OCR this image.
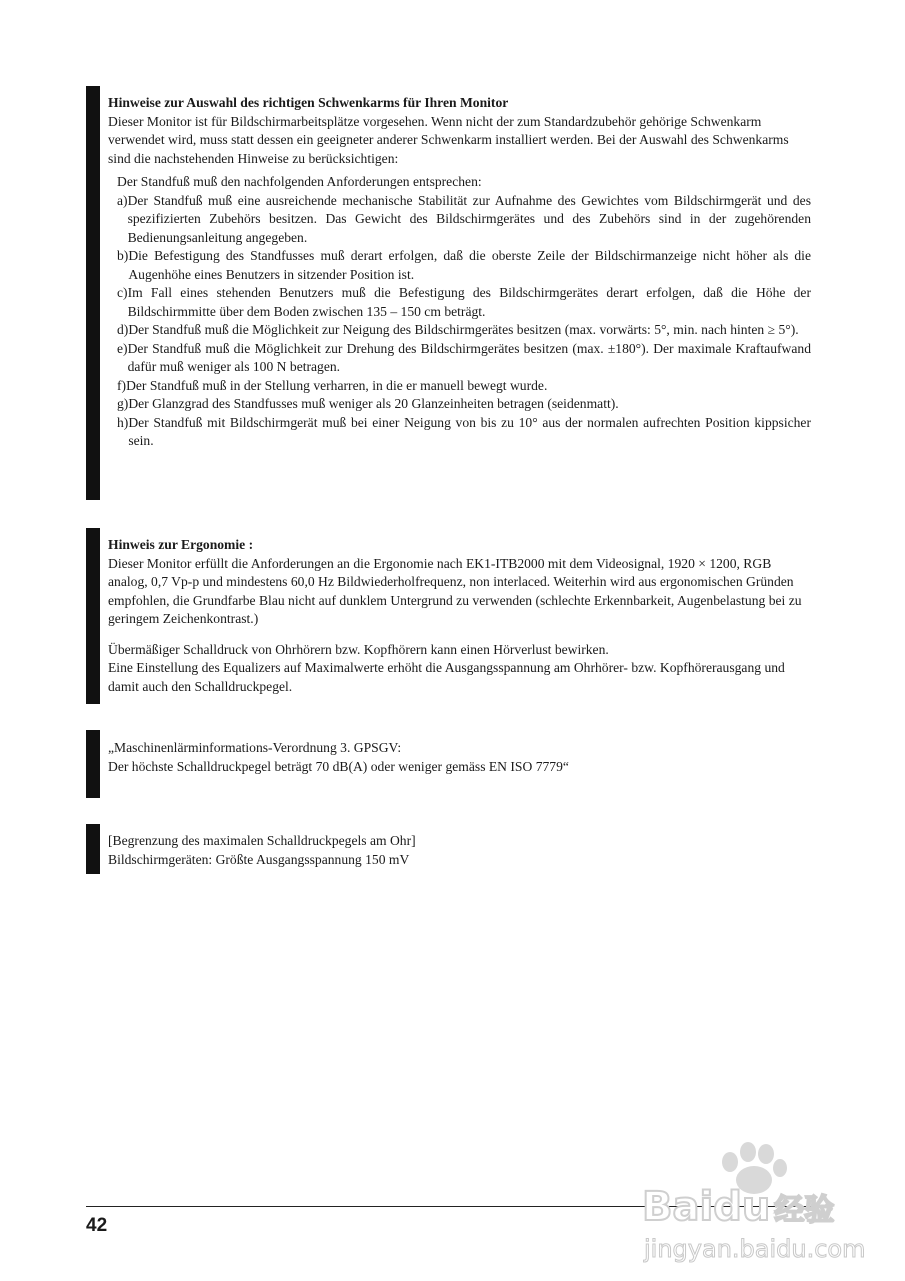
Hinweise zur Auswahl des richtigen Schwenkarms für Ihren Monitor

Dieser Monitor ist für Bildschirmarbeitsplätze vorgesehen. Wenn nicht der zum Standardzubehör gehörige Schwenkarm verwendet wird, muss statt dessen ein geeigneter anderer Schwenkarm installiert werden. Bei der Auswahl des Schwenkarms sind die nachstehenden Hinweise zu berücksichtigen:

Der Standfuß muß den nachfolgenden Anforderungen entsprechen:

a) Der Standfuß muß eine ausreichende mechanische Stabilität zur Aufnahme des Gewichtes vom Bildschirmgerät und des spezifizierten Zubehörs besitzen. Das Gewicht des Bildschirmgerätes und des Zubehörs sind in der zugehörenden Bedienungsanleitung angegeben.
b) Die Befestigung des Standfusses muß derart erfolgen, daß die oberste Zeile der Bildschirmanzeige nicht höher als die Augenhöhe eines Benutzers in sitzender Position ist.
c) Im Fall eines stehenden Benutzers muß die Befestigung des Bildschirmgerätes derart erfolgen, daß die Höhe der Bildschirmmitte über dem Boden zwischen 135 – 150 cm beträgt.
d) Der Standfuß muß die Möglichkeit zur Neigung des Bildschirmgerätes besitzen (max. vorwärts: 5°, min. nach hinten ≥ 5°).
e) Der Standfuß muß die Möglichkeit zur Drehung des Bildschirmgerätes besitzen (max. ±180°). Der maximale Kraftaufwand dafür muß weniger als 100 N betragen.
f) Der Standfuß muß in der Stellung verharren, in die er manuell bewegt wurde.
g) Der Glanzgrad des Standfusses muß weniger als 20 Glanzeinheiten betragen (seidenmatt).
h) Der Standfuß mit Bildschirmgerät muß bei einer Neigung von bis zu 10° aus der normalen aufrechten Position kippsicher sein.

Hinweis zur Ergonomie :

Dieser Monitor erfüllt die Anforderungen an die Ergonomie nach EK1-ITB2000 mit dem Videosignal, 1920 × 1200, RGB analog, 0,7 Vp-p und mindestens 60,0 Hz Bildwiederholfrequenz, non interlaced. Weiterhin wird aus ergonomischen Gründen empfohlen, die Grundfarbe Blau nicht auf dunklem Untergrund zu verwenden (schlechte Erkennbarkeit, Augenbelastung bei zu geringem Zeichenkontrast.)

Übermäßiger Schalldruck von Ohrhörern bzw. Kopfhörern kann einen Hörverlust bewirken.

Eine Einstellung des Equalizers auf Maximalwerte erhöht die Ausgangsspannung am Ohrhörer- bzw. Kopfhörerausgang und damit auch den Schalldruckpegel.

„Maschinenlärminformations-Verordnung 3. GPSGV:

Der höchste Schalldruckpegel beträgt 70 dB(A) oder weniger gemäss EN ISO 7779“

[Begrenzung des maximalen Schalldruckpegels am Ohr]

Bildschirmgeräten: Größte Ausgangsspannung 150 mV

42	Baidu 经验
jingyan.baidu.com
